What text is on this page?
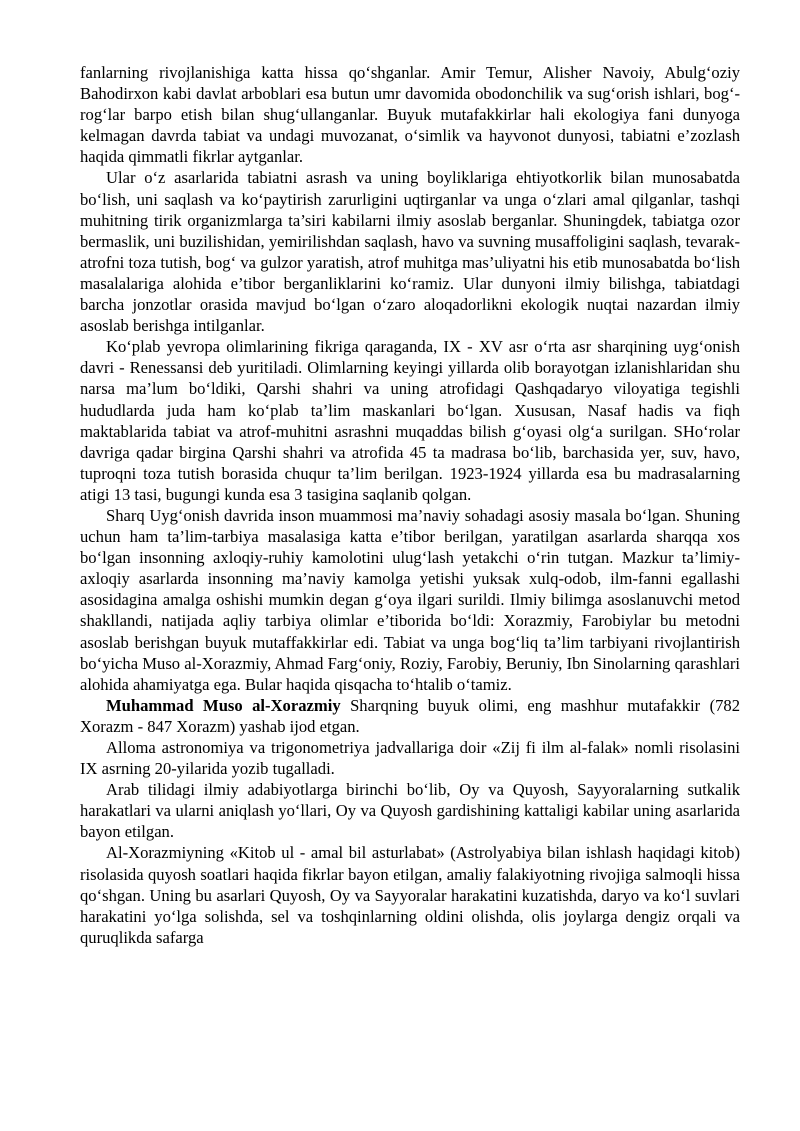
fanlarning rivojlanishiga katta hissa qo‘shganlar. Amir Temur, Alisher Navoiy, Abulg‘oziy Bahodirxon kabi davlat arboblari esa butun umr davomida obodonchilik va sug‘orish ishlari, bog‘-rog‘lar barpo etish bilan shug‘ullanganlar. Buyuk mutafakkirlar hali ekologiya fani dunyoga kelmagan davrda tabiat va undagi muvozanat, o‘simlik va hayvonot dunyosi, tabiatni e’zozlash haqida qimmatli fikrlar aytganlar.

Ular o‘z asarlarida tabiatni asrash va uning boyliklariga ehtiyotkorlik bilan munosabatda bo‘lish, uni saqlash va ko‘paytirish zarurligini uqtirganlar va unga o‘zlari amal qilganlar, tashqi muhitning tirik organizmlarga ta’siri kabilarni ilmiy asoslab berganlar. Shuningdek, tabiatga ozor bermaslik, uni buzilishidan, yemirilishdan saqlash, havo va suvning musaffoligini saqlash, tevarak-atrofni toza tutish, bog‘ va gulzor yaratish, atrof muhitga mas’uliyatni his etib munosabatda bo‘lish masalalariga alohida e’tibor berganliklarini ko‘ramiz. Ular dunyoni ilmiy bilishga, tabiatdagi barcha jonzotlar orasida mavjud bo‘lgan o‘zaro aloqadorlikni ekologik nuqtai nazardan ilmiy asoslab berishga intilganlar.

Ko‘plab yevropa olimlarining fikriga qaraganda, IX - XV asr o‘rta asr sharqining uyg‘onish davri - Renessansi deb yuritiladi. Olimlarning keyingi yillarda olib borayotgan izlanishlaridan shu narsa ma’lum bo‘ldiki, Qarshi shahri va uning atrofidagi Qashqadaryo viloyatiga tegishli hududlarda juda ham ko‘plab ta’lim maskanlari bo‘lgan. Xususan, Nasaf hadis va fiqh maktablarida tabiat va atrof-muhitni asrashni muqaddas bilish g‘oyasi olg‘a surilgan. SHo‘rolar davriga qadar birgina Qarshi shahri va atrofida 45 ta madrasa bo‘lib, barchasida yer, suv, havo, tuproqni toza tutish borasida chuqur ta’lim berilgan. 1923-1924 yillarda esa bu madrasalarning atigi 13 tasi, bugungi kunda esa 3 tasigina saqlanib qolgan.

Sharq Uyg‘onish davrida inson muammosi ma’naviy sohadagi asosiy masala bo‘lgan. Shuning uchun ham ta’lim-tarbiya masalasiga katta e’tibor berilgan, yaratilgan asarlarda sharqqa xos bo‘lgan insonning axloqiy-ruhiy kamolotini ulug‘lash yetakchi o‘rin tutgan. Mazkur ta’limiy-axloqiy asarlarda insonning ma’naviy kamolga yetishi yuksak xulq-odob, ilm-fanni egallashi asosidagina amalga oshishi mumkin degan g‘oya ilgari surildi. Ilmiy bilimga asoslanuvchi metod shakllandi, natijada aqliy tarbiya olimlar e’tiborida bo‘ldi: Xorazmiy, Farobiylar bu metodni asoslab berishgan buyuk mutaffakkirlar edi. Tabiat va unga bog‘liq ta’lim tarbiyani rivojlantirish bo‘yicha Muso al-Xorazmiy, Ahmad Farg‘oniy, Roziy, Farobiy, Beruniy, Ibn Sinolarning qarashlari alohida ahamiyatga ega. Bular haqida qisqacha to‘htalib o‘tamiz.

Muhammad Muso al-Xorazmiy Sharqning buyuk olimi, eng mashhur mutafakkir (782 Xorazm - 847 Xorazm) yashab ijod etgan.

Alloma astronomiya va trigonometriya jadvallariga doir «Zij fi ilm al-falak» nomli risolasini IX asrning 20-yilarida yozib tugalladi.

Arab tilidagi ilmiy adabiyotlarga birinchi bo‘lib, Oy va Quyosh, Sayyoralarning sutkalik harakatlari va ularni aniqlash yo‘llari, Oy va Quyosh gardishining kattaligi kabilar uning asarlarida bayon etilgan.

Al-Xorazmiyning «Kitob ul - amal bil asturlabat» (Astrolyabiya bilan ishlash haqidagi kitob) risolasida quyosh soatlari haqida fikrlar bayon etilgan, amaliy falakiyotning rivojiga salmoqli hissa qo‘shgan. Uning bu asarlari Quyosh, Oy va Sayyoralar harakatini kuzatishda, daryo va ko‘l suvlari harakatini yo‘lga solishda, sel va toshqinlarning oldini olishda, olis joylarga dengiz orqali va quruqlikda safarga
